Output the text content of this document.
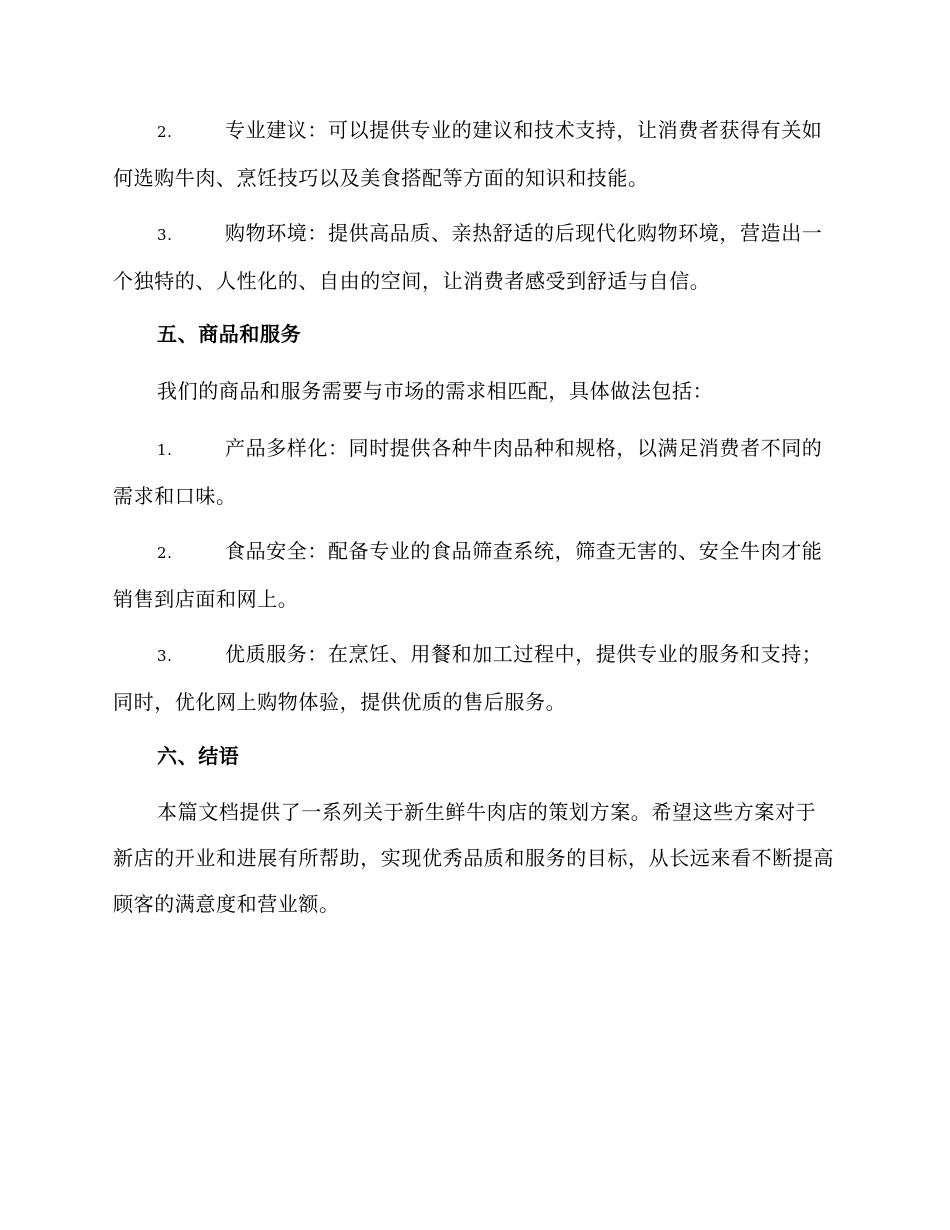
2.	专业建议：可以提供专业的建议和技术支持，让消费者获得有关如何选购牛肉、烹饪技巧以及美食搭配等方面的知识和技能。

3.	购物环境：提供高品质、亲热舒适的后现代化购物环境，营造出一个独特的、人性化的、自由的空间，让消费者感受到舒适与自信。

五、商品和服务

我们的商品和服务需要与市场的需求相匹配，具体做法包括：

1.	产品多样化：同时提供各种牛肉品种和规格，以满足消费者不同的需求和口味。

2.	食品安全：配备专业的食品筛查系统，筛查无害的、安全牛肉才能销售到店面和网上。

3.	优质服务：在烹饪、用餐和加工过程中，提供专业的服务和支持；同时，优化网上购物体验，提供优质的售后服务。

六、结语

本篇文档提供了一系列关于新生鲜牛肉店的策划方案。希望这些方案对于新店的开业和进展有所帮助，实现优秀品质和服务的目标，从长远来看不断提高顾客的满意度和营业额。
